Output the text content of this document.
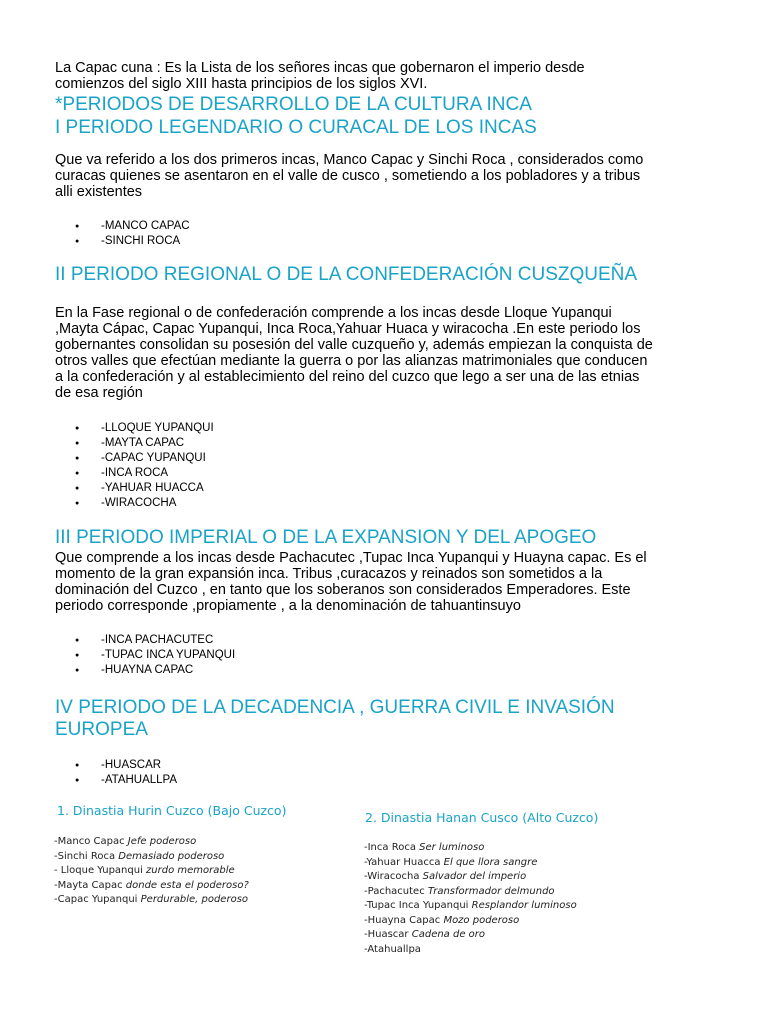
La Capac cuna : Es la Lista de los señores incas que gobernaron el imperio desde
comienzos del siglo XIII hasta principios de los siglos XVI.
*PERIODOS DE DESARROLLO DE LA CULTURA INCA
I PERIODO LEGENDARIO O CURACAL DE LOS INCAS
Que va referido a los dos primeros incas, Manco Capac y Sinchi Roca , considerados como
curacas quienes se asentaron en el valle de cusco , sometiendo a los pobladores y a tribus
alli existentes
● -MANCO CAPAC
● -SINCHI ROCA
II PERIODO REGIONAL O DE LA CONFEDERACIÓN CUSZQUEÑA
En la Fase regional o de confederación comprende a los incas desde Lloque Yupanqui
,Mayta Cápac, Capac Yupanqui, Inca Roca,Yahuar Huaca y wiracocha .En este periodo los
gobernantes consolidan su posesión del valle cuzqueño y, además empiezan la conquista de
otros valles que efectúan mediante la guerra o por las alianzas matrimoniales que conducen
a la confederación y al establecimiento del reino del cuzco que lego a ser una de las etnias
de esa región
● -LLOQUE YUPANQUI
● -MAYTA CAPAC
● -CAPAC YUPANQUI
● -INCA ROCA
● -YAHUAR HUACCA
● -WIRACOCHA
III PERIODO IMPERIAL O DE LA EXPANSION Y DEL APOGEO
Que comprende a los incas desde Pachacutec ,Tupac Inca Yupanqui y Huayna capac. Es el
momento de la gran expansión inca. Tribus ,curacazos y reinados son sometidos a la
dominación del Cuzco , en tanto que los soberanos son considerados Emperadores. Este
periodo corresponde ,propiamente , a la denominación de tahuantinsuyo
● -INCA PACHACUTEC
● -TUPAC INCA YUPANQUI
● -HUAYNA CAPAC
IV PERIODO DE LA DECADENCIA , GUERRA CIVIL E INVASIÓN
EUROPEA
● -HUASCAR
● -ATAHUALLPA
1. Dinastia Hurin Cuzco (Bajo Cuzco)
-Manco Capac Jefe poderoso
-Sinchi Roca Demasiado poderoso
- Lloque Yupanqui zurdo memorable
-Mayta Capac donde esta el poderoso?
-Capac Yupanqui Perdurable, poderoso
2. Dinastia Hanan Cusco (Alto Cuzco)
-Inca Roca Ser luminoso
-Yahuar Huacca El que llora sangre
-Wiracocha Salvador del imperio
-Pachacutec Transformador delmundo
-Tupac Inca Yupanqui Resplandor luminoso
-Huayna Capac Mozo poderoso
-Huascar Cadena de oro
-Atahuallpa
